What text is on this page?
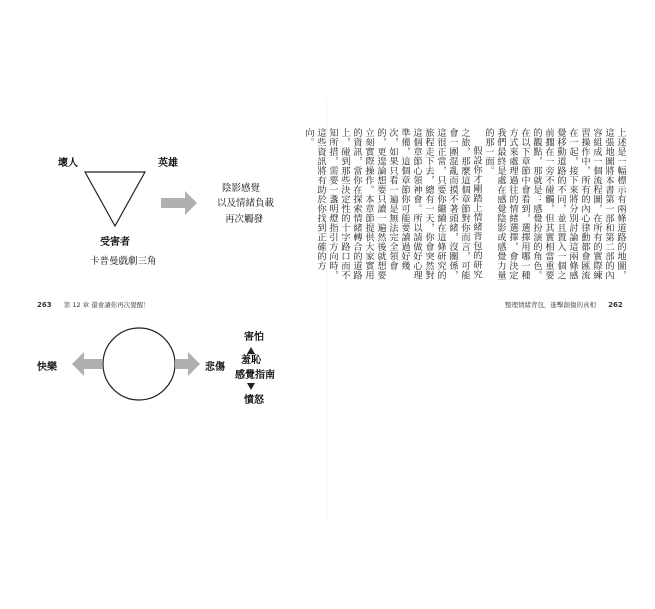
壞人	英雄
受害者
卡普曼戲劇三角
陰影感覺
以及情緒負載
再次觸發
快樂	悲傷
害怕
羞恥
感覺指南
憤怒
263 第 12 章 還會讓你再次覺醒！

上述是一幅標示有兩條道路的地圖，這張地圖將本書第一部和第二部的內容組成一個流程圖，在所有的實際練習操作中，所有的內心律動都會匯流在一起，接下來將分別討論這兩條感覺移動道路的不同，並且置入一個之前擱在一旁不碰觸，但其實相當重要的觀點，那就是：感覺扮演的角色。在以下章節中會看到，選擇用哪一種方式來處理過往的情緒選擇，會決定我們最終是處在感覺陰影或感覺力量的那一面。

假設你才剛踏上情緒背包的研究之旅，那麼這個章節對你而言，可能會一團混亂而摸不著頭緒，沒關係，這很正常，只要你繼續在這條研究的旅程走下去，總有一天，你會突然對這個章節心領神會。所以請做好心理準備，這個章節你可能要讀過好幾次，如果只看一遍是無法完全領會的，更遑論想要只讀一遍然後就想要立刻實際操作。本章節提供大家實用的資訊，當你在探索情緒轉合的道路上，碰到那些決定性的十字路口而不知所措，需要一盞明燈指引方向時，這些資訊將有助於你找到正確的方向。

整理情緒背包，進擊創傷的真相 262
